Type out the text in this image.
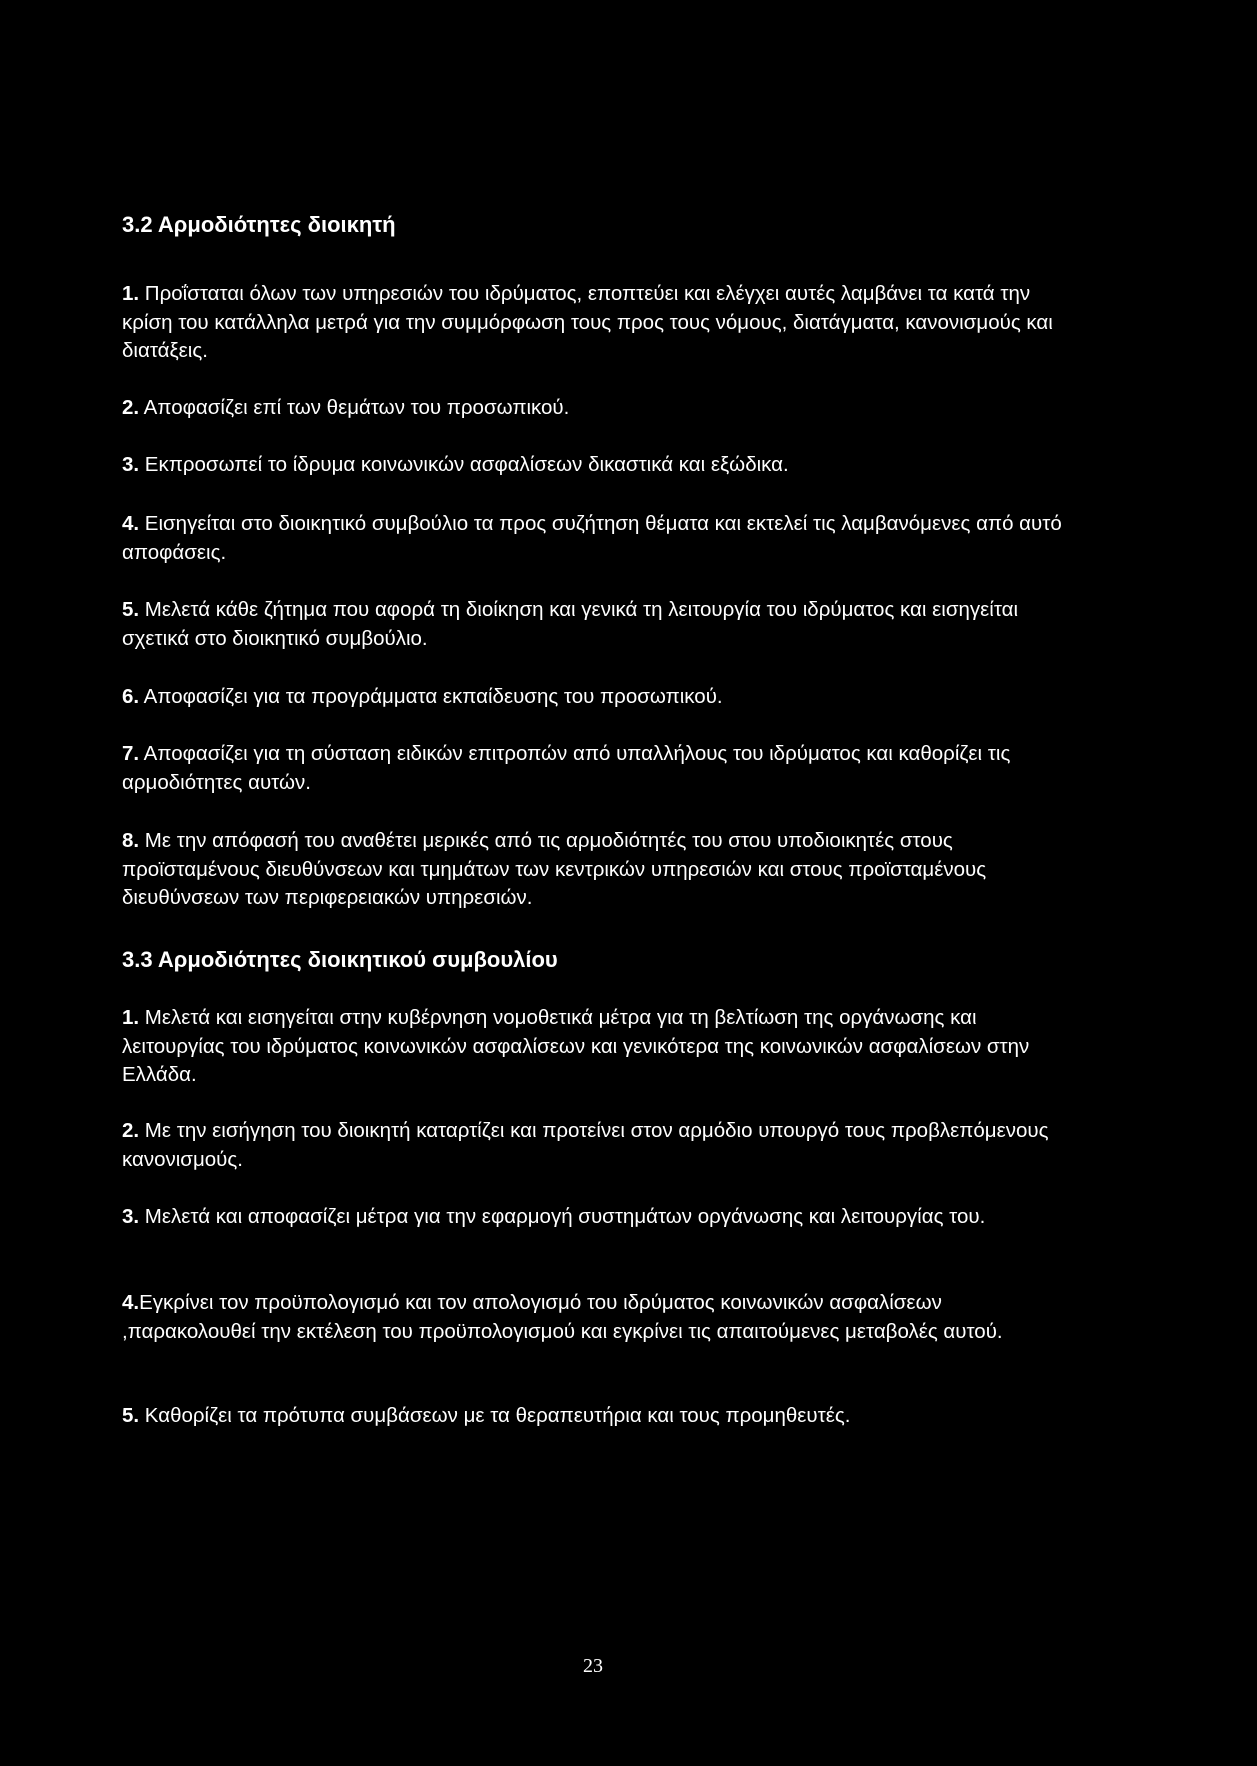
3.2 Αρμοδιότητες διοικητή

1. Προΐσταται όλων των υπηρεσιών του ιδρύματος, εποπτεύει και ελέγχει αυτές λαμβάνει τα κατά την κρίση του κατάλληλα μετρά για την συμμόρφωση τους προς τους νόμους, διατάγματα, κανονισμούς και διατάξεις.

2. Αποφασίζει επί των θεμάτων του προσωπικού.

3. Εκπροσωπεί το ίδρυμα κοινωνικών ασφαλίσεων δικαστικά και εξώδικα.

4. Εισηγείται στο διοικητικό συμβούλιο τα προς συζήτηση θέματα και εκτελεί τις λαμβανόμενες από αυτό αποφάσεις.

5. Μελετά κάθε ζήτημα που αφορά τη διοίκηση και γενικά τη λειτουργία του ιδρύματος και εισηγείται σχετικά στο διοικητικό συμβούλιο.

6. Αποφασίζει για τα προγράμματα εκπαίδευσης του προσωπικού.

7. Αποφασίζει για τη σύσταση ειδικών επιτροπών από υπαλλήλους του ιδρύματος και καθορίζει τις αρμοδιότητες αυτών.

8. Με την απόφασή του αναθέτει μερικές από τις αρμοδιότητές του στου υποδιοικητές στους προϊσταμένους διευθύνσεων και τμημάτων των κεντρικών υπηρεσιών και στους προϊσταμένους διευθύνσεων των περιφερειακών υπηρεσιών.

3.3 Αρμοδιότητες διοικητικού συμβουλίου

1. Μελετά και εισηγείται στην κυβέρνηση νομοθετικά μέτρα για τη βελτίωση της οργάνωσης και λειτουργίας του ιδρύματος κοινωνικών ασφαλίσεων και γενικότερα της κοινωνικών ασφαλίσεων στην Ελλάδα.

2. Με την εισήγηση του διοικητή καταρτίζει και προτείνει στον αρμόδιο υπουργό τους προβλεπόμενους κανονισμούς.

3. Μελετά και αποφασίζει μέτρα για την εφαρμογή συστημάτων οργάνωσης και λειτουργίας του.

4.Εγκρίνει τον προϋπολογισμό και τον απολογισμό του ιδρύματος κοινωνικών ασφαλίσεων ,παρακολουθεί την εκτέλεση του προϋπολογισμού και εγκρίνει τις απαιτούμενες μεταβολές αυτού.

5. Καθορίζει τα πρότυπα συμβάσεων με τα θεραπευτήρια και τους προμηθευτές.

23
